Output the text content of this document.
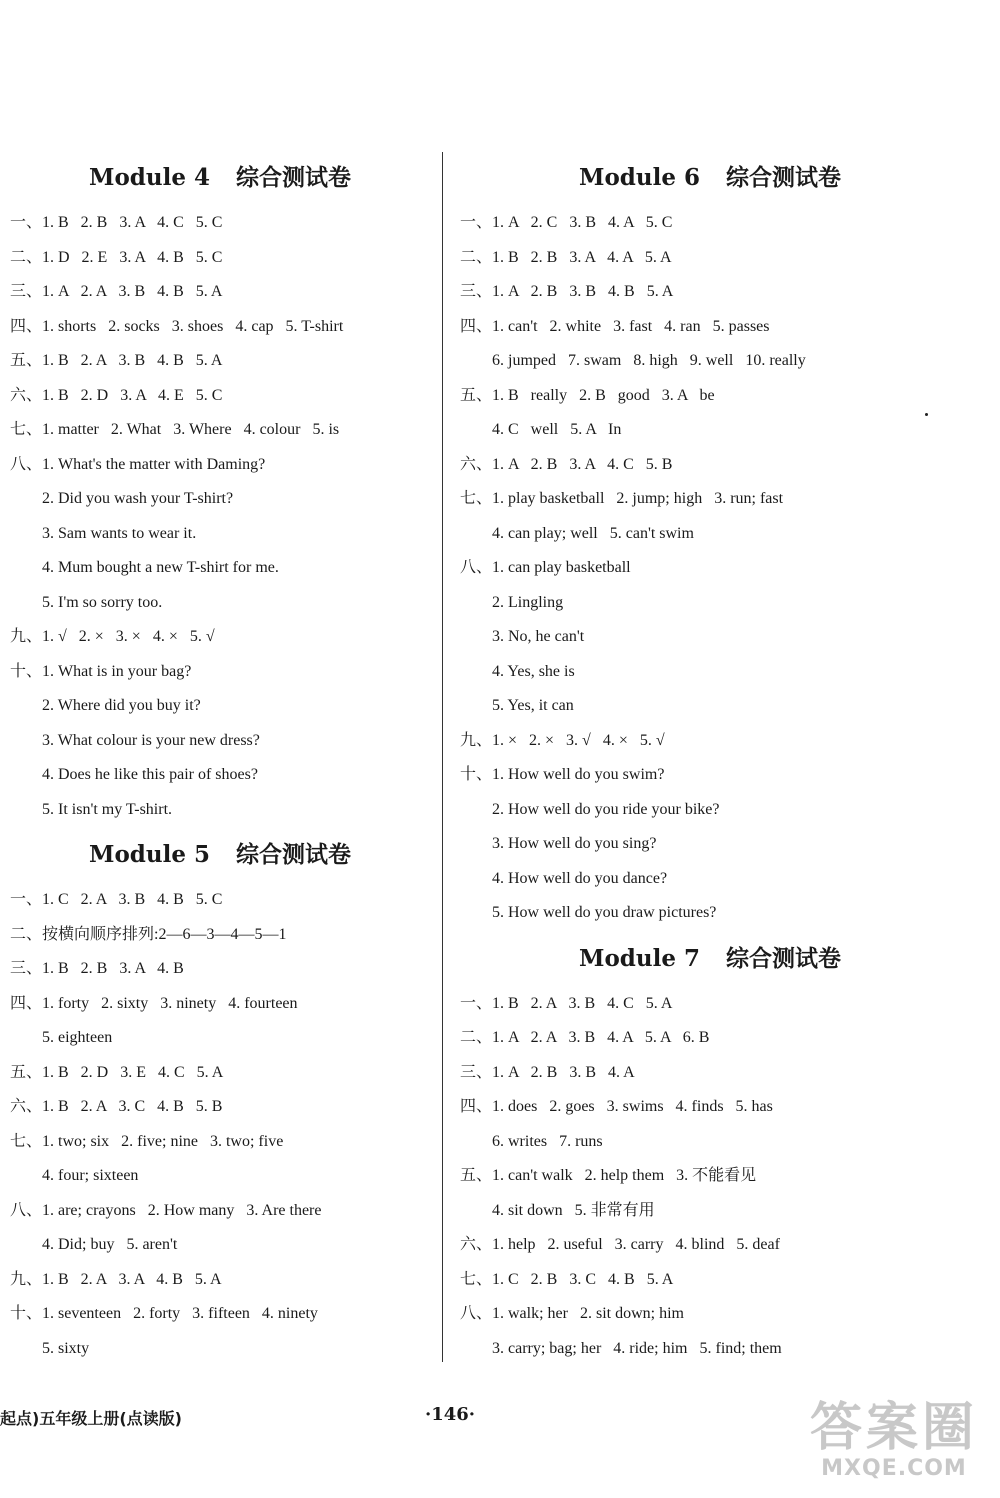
Module 4 综合测试卷
一、1. B   2. B   3. A   4. C   5. C
二、1. D   2. E   3. A   4. B   5. C
三、1. A   2. A   3. B   4. B   5. A
四、1. shorts   2. socks   3. shoes   4. cap   5. T-shirt
五、1. B   2. A   3. B   4. B   5. A
六、1. B   2. D   3. A   4. E   5. C
七、1. matter   2. What   3. Where   4. colour   5. is
八、1. What's the matter with Daming?
2. Did you wash your T-shirt?
3. Sam wants to wear it.
4. Mum bought a new T-shirt for me.
5. I'm so sorry too.
九、1. √   2. ×   3. ×   4. ×   5. √
十、1. What is in your bag?
2. Where did you buy it?
3. What colour is your new dress?
4. Does he like this pair of shoes?
5. It isn't my T-shirt.
Module 5 综合测试卷
一、1. C   2. A   3. B   4. B   5. C
二、按横向顺序排列:2—6—3—4—5—1
三、1. B   2. B   3. A   4. B
四、1. forty   2. sixty   3. ninety   4. fourteen
5. eighteen
五、1. B   2. D   3. E   4. C   5. A
六、1. B   2. A   3. C   4. B   5. B
七、1. two; six   2. five; nine   3. two; five
4. four; sixteen
八、1. are; crayons   2. How many   3. Are there
4. Did; buy   5. aren't
九、1. B   2. A   3. A   4. B   5. A
十、1. seventeen   2. forty   3. fifteen   4. ninety
5. sixty
Module 6 综合测试卷
一、1. A   2. C   3. B   4. A   5. C
二、1. B   2. B   3. A   4. A   5. A
三、1. A   2. B   3. B   4. B   5. A
四、1. can't   2. white   3. fast   4. ran   5. passes
6. jumped   7. swam   8. high   9. well   10. really
五、1. B   really   2. B   good   3. A   be
4. C   well   5. A   In
六、1. A   2. B   3. A   4. C   5. B
七、1. play basketball   2. jump; high   3. run; fast
4. can play; well   5. can't swim
八、1. can play basketball
2. Lingling
3. No, he can't
4. Yes, she is
5. Yes, it can
九、1. ×   2. ×   3. √   4. ×   5. √
十、1. How well do you swim?
2. How well do you ride your bike?
3. How well do you sing?
4. How well do you dance?
5. How well do you draw pictures?
Module 7 综合测试卷
一、1. B   2. A   3. B   4. C   5. A
二、1. A   2. A   3. B   4. A   5. A   6. B
三、1. A   2. B   3. B   4. A
四、1. does   2. goes   3. swims   4. finds   5. has
6. writes   7. runs
五、1. can't walk   2. help them   3. 不能看见
4. sit down   5. 非常有用
六、1. help   2. useful   3. carry   4. blind   5. deaf
七、1. C   2. B   3. C   4. B   5. A
八、1. walk; her   2. sit down; him
3. carry; bag; her   4. ride; him   5. find; them
起点)五年级上册(点读版)	·146·	答案圈
MXQE.COM
